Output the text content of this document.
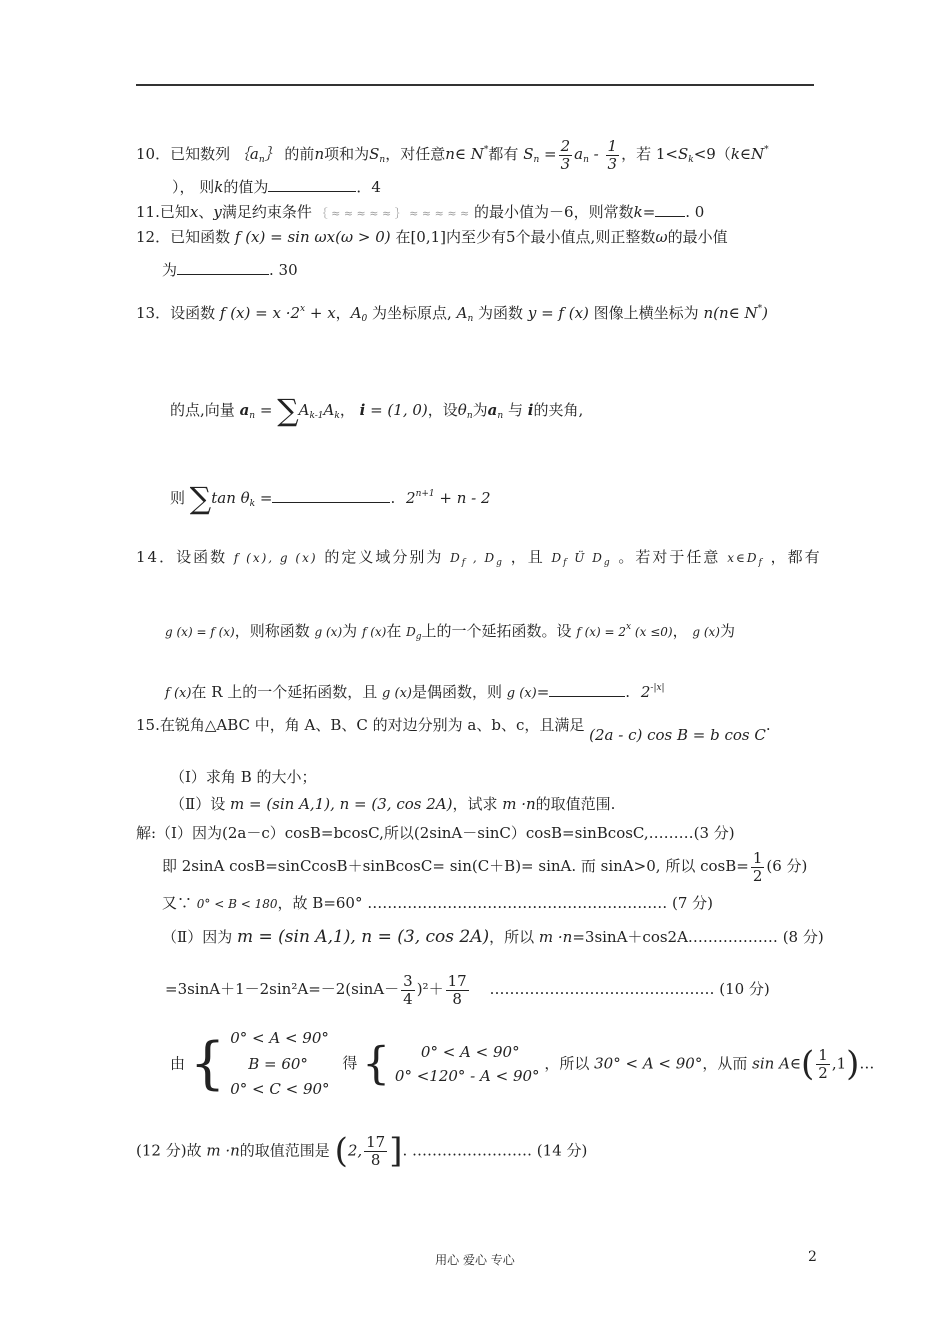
10．已知数列 $\{a_n\}$ 的前n项和为$S_n$，对任意n∈ N*都有 $S_n = \frac{2}{3} a_n - \frac{1}{3}$ ，若 $1<S_k<9(k\in N^*$
）， 则k的值为	．4
11.已知x、y满足约束条件 ｛ ≈ ≈ ≈ ≈ ≈ ｝ ≈ ≈ ≈ ≈ ≈ 的最小值为－6，则常数k= . 0
12．已知函数 f (x) = sin ωx(ω > 0) 在[0,1]内至少有5个最小值点,则正整数ω的最小值
为	. 30
13．设函数 f $(x) = x \cdot 2^x + x$，$A_0$ 为坐标原点, $A_n$ 为函数 y = f (x) 图像上横坐标为 n(n∈ N*)
的点,向量 $a_n = \sum A_{k-1}A_k$， i = (1, 0)，设$\theta_n$为$a_n$ 与 i的夹角,
则 ∑tan $\theta_k$ =	. $2^{n+1} + n - 2$
14．设函数 f (x), g (x) 的定义域分别为 $D_f$ , $D_g$ ，且 $D_f$ Ü $D_g$ 。若对于任意 $x\in D_f$ ，都有
g (x) = f (x)，则称函数 g (x)为 f (x)在 $D_g$上的一个延拓函数。设 f $(x) = 2^x$ (x ≤0)， g (x)为
f (x)在 R 上的一个延拓函数，且 g (x)是偶函数，则 g (x)=	. $2^{-|x|}$
15.在锐角△ABC 中，角 A、B、C 的对边分别为 a、b、c，且满足 (2a - c) cos B = b cos C.
（Ⅰ）求角 B 的大小；
（Ⅱ）设 m = (sin A,1), n = (3, cos 2A)，试求 m ·n的取值范围.
解:（Ⅰ）因为(2a－c）cosB=bcosC,所以(2sinA－sinC）cosB=sinBcosC,………(3 分)
即 2sinA cosB=sinCcosB＋sinBcosC= sin(C＋B)= sinA. 而 sinA>0, 所以 $\cos B= \frac{1}{2} (6$ 分)
又∵ 0° < B < 180，故 B=60° …………………………………………………… (7 分)
（Ⅱ）因为 m = (sin A,1), n = (3, cos 2A)，所以 m ·n=3sinA＋cos2A……………… (8 分)
$=3\sin A+1-2\sin^2A=-2(\sin A- \frac{3}{4} )^2+ \frac{17}{8}$ ……………………………………… (10 分)
由 { 0° < A < 90°
B = 60°
0° < C < 90°
得 {	0° < A < 90°
0° <120° - A < 90°
，所以 30° < A < 90°，从而 sin A∈( $\frac{1}{2}$ ,1)…
(12 分)故 m ·n的取值范围是 (2, $\frac{17}{8}$ ]. …………………… (14 分)
用心 爱心 专心	2
